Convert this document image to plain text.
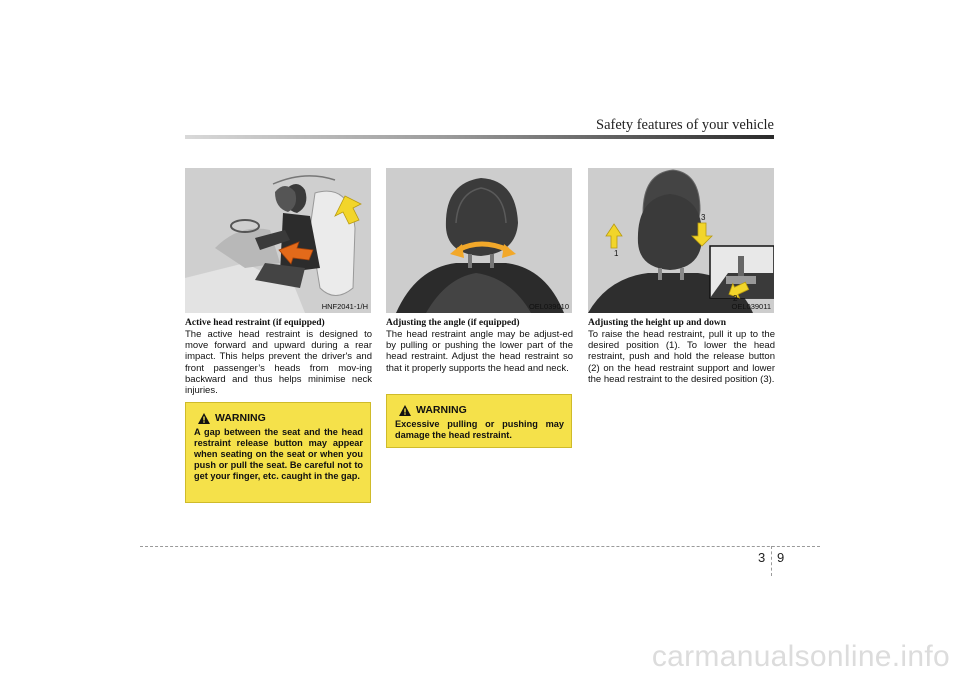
Safety features of your vehicle
HNF2041-1/H	OEL039010
1
2
3
OEL039011
Active head restraint (if equipped)

The active head restraint is designed to move forward and upward during a rear impact. This helps prevent the driver's and front passenger’s heads from mov-ing backward and thus helps minimise neck injuries.

Adjusting the angle (if equipped)

The head restraint angle may be adjust-ed by pulling or pushing the lower part of the head restraint. Adjust the head restraint so that it properly supports the head and neck.

Adjusting the height up and down

To raise the head restraint, pull it up to the desired position (1). To lower the head restraint, push and hold the release button (2) on the head restraint support and lower the head restraint to the desired position (3).

WARNING
A gap between the seat and the head restraint release button may appear when seating on the seat or when you push or pull the seat. Be careful not to get your finger, etc. caught in the gap.
WARNING
Excessive pulling or pushing may damage the head restraint.
3 9
carmanualsonline.info
